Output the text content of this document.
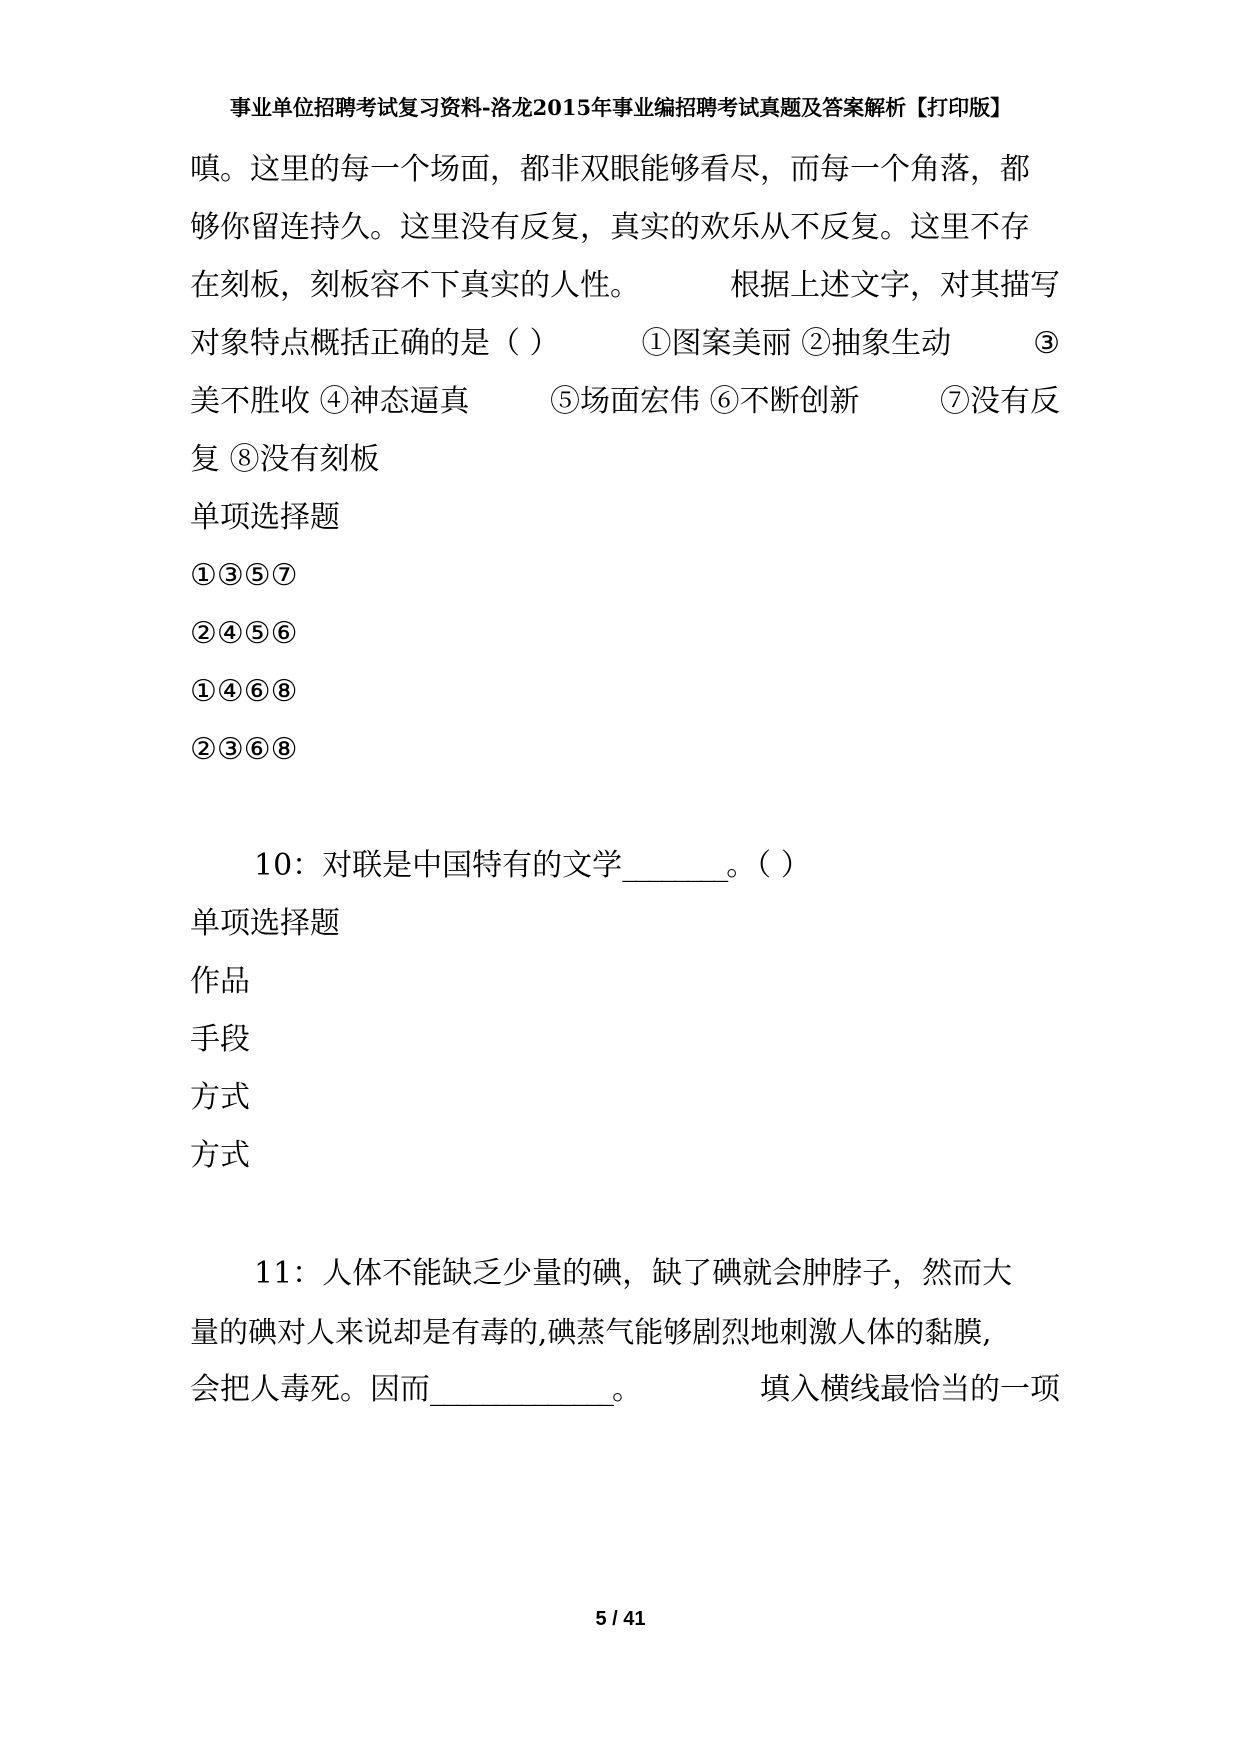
事业单位招聘考试复习资料-洛龙2015年事业编招聘考试真题及答案解析【打印版】
嗔。这里的每一个场面，都非双眼能够看尽，而每一个角落，都
够你留连持久。这里没有反复，真实的欢乐从不反复。这里不存
在刻板，刻板容不下真实的人性。	根据上述文字，对其描写
对象特点概括正确的是（ ）	①图案美丽 ②抽象生动	③
美不胜收 ④神态逼真	⑤场面宏伟 ⑥不断创新	⑦没有反
复 ⑧没有刻板
单项选择题
①③⑤⑦
②④⑤⑥
①④⑥⑧
②③⑥⑧
10：对联是中国特有的文学________。（ ）
单项选择题
作品
手段
方式
方式
11：人体不能缺乏少量的碘，缺了碘就会肿脖子，然而大
量的碘对人来说却是有毒的,碘蒸气能够剧烈地刺激人体的黏膜,
会把人毒死。因而______________。	填入横线最恰当的一项
5 / 41
